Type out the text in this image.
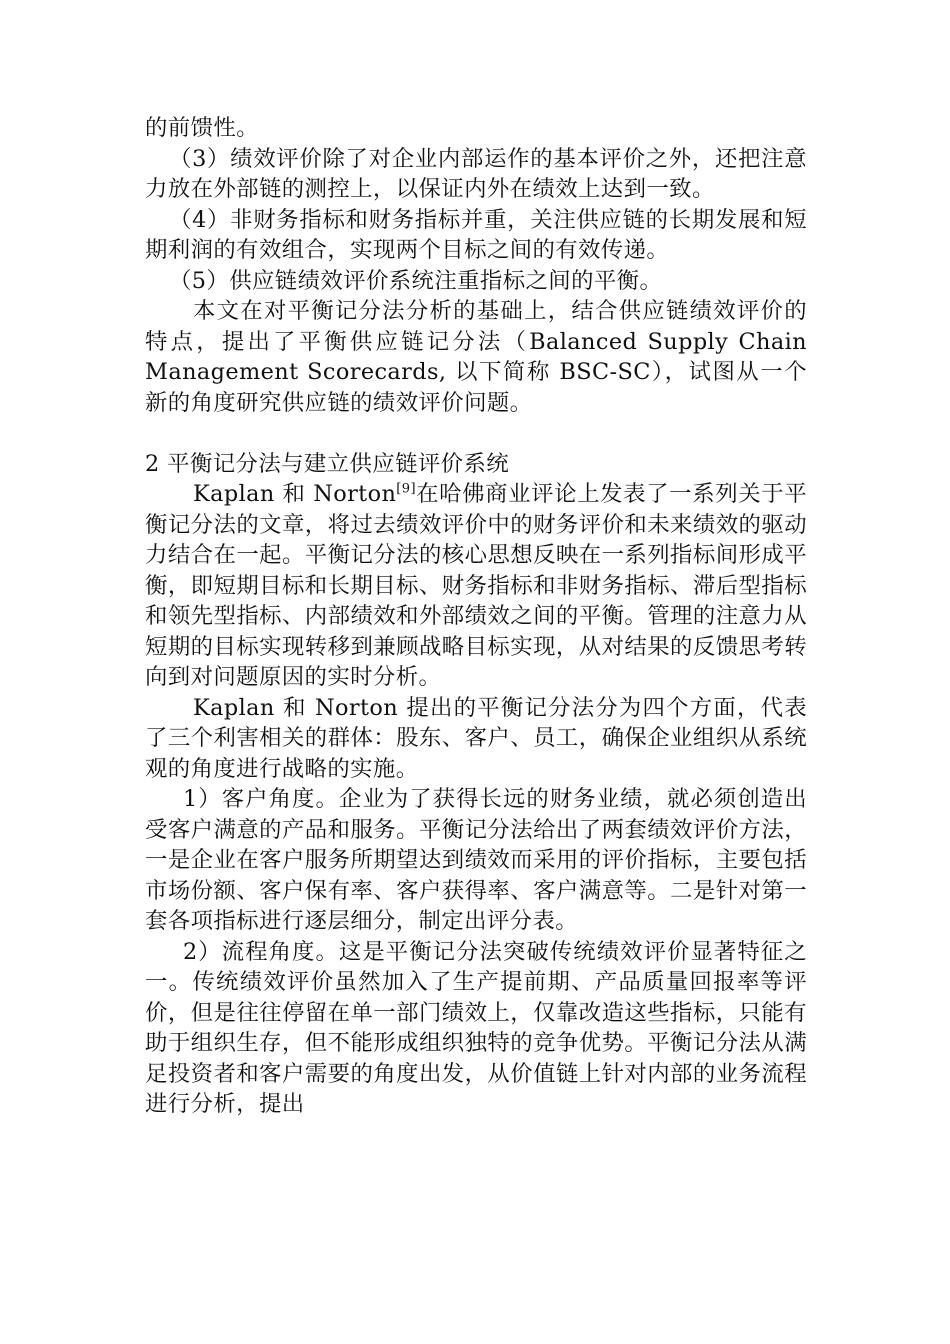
的前馈性。

（3）绩效评价除了对企业内部运作的基本评价之外，还把注意力放在外部链的测控上，以保证内外在绩效上达到一致。

（4）非财务指标和财务指标并重，关注供应链的长期发展和短期利润的有效组合，实现两个目标之间的有效传递。

（5）供应链绩效评价系统注重指标之间的平衡。

本文在对平衡记分法分析的基础上，结合供应链绩效评价的特点，提出了平衡供应链记分法（Balanced Supply Chain Management Scorecards, 以下简称 BSC-SC），试图从一个新的角度研究供应链的绩效评价问题。

2 平衡记分法与建立供应链评价系统

Kaplan 和 Norton[9]在哈佛商业评论上发表了一系列关于平衡记分法的文章，将过去绩效评价中的财务评价和未来绩效的驱动力结合在一起。平衡记分法的核心思想反映在一系列指标间形成平衡，即短期目标和长期目标、财务指标和非财务指标、滞后型指标和领先型指标、内部绩效和外部绩效之间的平衡。管理的注意力从短期的目标实现转移到兼顾战略目标实现，从对结果的反馈思考转向到对问题原因的实时分析。

Kaplan 和 Norton 提出的平衡记分法分为四个方面，代表了三个利害相关的群体：股东、客户、员工，确保企业组织从系统观的角度进行战略的实施。

1）客户角度。企业为了获得长远的财务业绩，就必须创造出受客户满意的产品和服务。平衡记分法给出了两套绩效评价方法，一是企业在客户服务所期望达到绩效而采用的评价指标，主要包括市场份额、客户保有率、客户获得率、客户满意等。二是针对第一套各项指标进行逐层细分，制定出评分表。

2）流程角度。这是平衡记分法突破传统绩效评价显著特征之一。传统绩效评价虽然加入了生产提前期、产品质量回报率等评价，但是往往停留在单一部门绩效上，仅靠改造这些指标，只能有助于组织生存，但不能形成组织独特的竞争优势。平衡记分法从满足投资者和客户需要的角度出发，从价值链上针对内部的业务流程进行分析，提出
